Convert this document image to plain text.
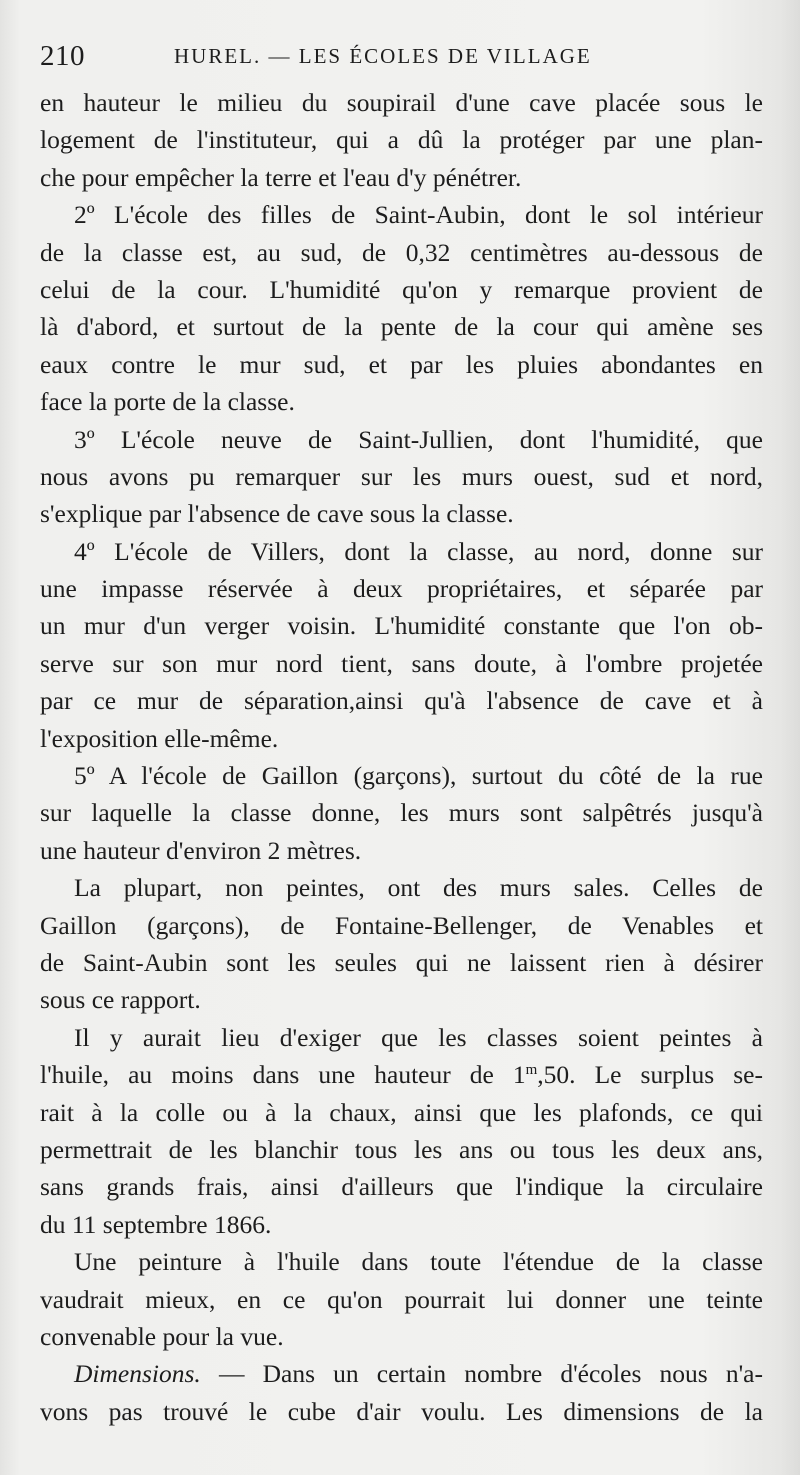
210	HUREL. — LES ÉCOLES DE VILLAGE
en hauteur le milieu du soupirail d'une cave placée sous le
logement de l'instituteur, qui a dû la protéger par une plan-
che pour empêcher la terre et l'eau d'y pénétrer.
2º L'école des filles de Saint-Aubin, dont le sol intérieur
de la classe est, au sud, de 0,32 centimètres au-dessous de
celui de la cour. L'humidité qu'on y remarque provient de
là d'abord, et surtout de la pente de la cour qui amène ses
eaux contre le mur sud, et par les pluies abondantes en
face la porte de la classe.
3º L'école neuve de Saint-Jullien, dont l'humidité, que
nous avons pu remarquer sur les murs ouest, sud et nord,
s'explique par l'absence de cave sous la classe.
4º L'école de Villers, dont la classe, au nord, donne sur
une impasse réservée à deux propriétaires, et séparée par
un mur d'un verger voisin. L'humidité constante que l'on ob-
serve sur son mur nord tient, sans doute, à l'ombre projetée
par ce mur de séparation,ainsi qu'à l'absence de cave et à
l'exposition elle-même.
5º A l'école de Gaillon (garçons), surtout du côté de la rue
sur laquelle la classe donne, les murs sont salpêtrés jusqu'à
une hauteur d'environ 2 mètres.
La plupart, non peintes, ont des murs sales. Celles de
Gaillon (garçons), de Fontaine-Bellenger, de Venables et
de Saint-Aubin sont les seules qui ne laissent rien à désirer
sous ce rapport.
Il y aurait lieu d'exiger que les classes soient peintes à
l'huile, au moins dans une hauteur de 1$^m$,50. Le surplus se-
rait à la colle ou à la chaux, ainsi que les plafonds, ce qui
permettrait de les blanchir tous les ans ou tous les deux ans,
sans grands frais, ainsi d'ailleurs que l'indique la circulaire
du 11 septembre 1866.
Une peinture à l'huile dans toute l'étendue de la classe
vaudrait mieux, en ce qu'on pourrait lui donner une teinte
convenable pour la vue.
Dimensions. — Dans un certain nombre d'écoles nous n'a-
vons pas trouvé le cube d'air voulu. Les dimensions de la
